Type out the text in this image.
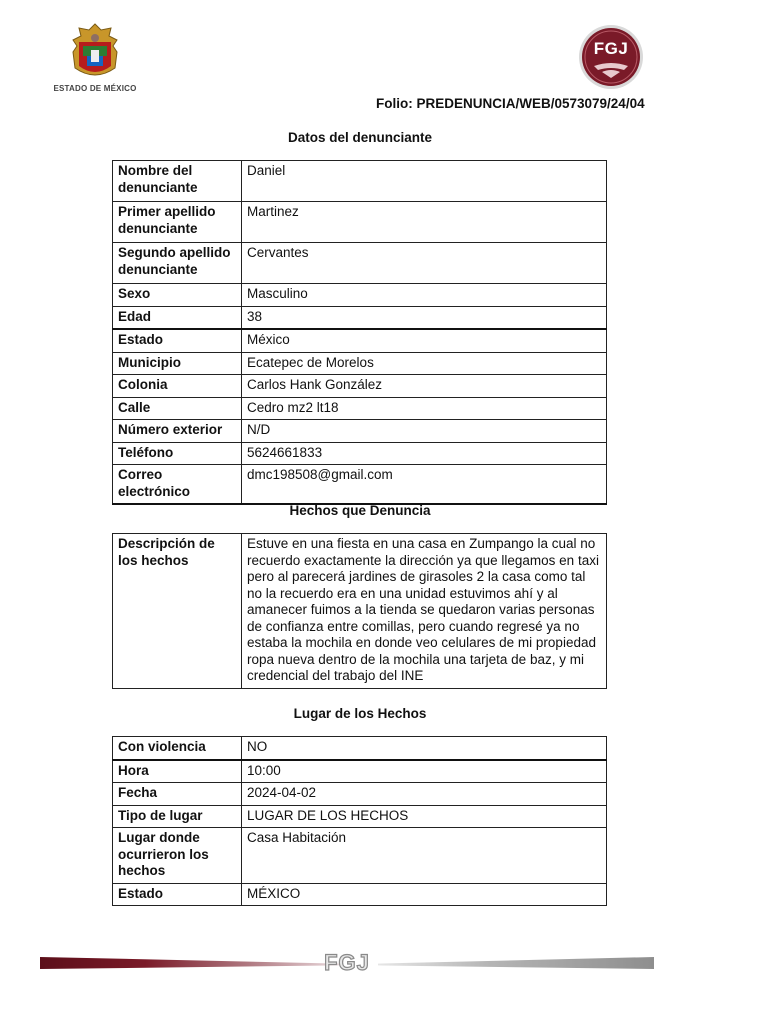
ESTADO DE MÉXICO
FGJ
Folio: PREDENUNCIA/WEB/0573079/24/04
Datos del denunciante
Nombre del denunciante	Daniel
Primer apellido denunciante	Martinez
Segundo apellido denunciante	Cervantes
Sexo	Masculino
Edad	38
Estado	México
Municipio	Ecatepec de Morelos
Colonia	Carlos Hank González
Calle	Cedro mz2 lt18
Número exterior	N/D
Teléfono	5624661833
Correo electrónico	dmc198508@gmail.com
Hechos que Denuncia
Descripción de los hechos	Estuve en una fiesta en una casa en Zumpango la cual no recuerdo exactamente la dirección ya que llegamos en taxi pero al parecerá jardines de girasoles 2 la casa como tal no la recuerdo era en una unidad estuvimos ahí y al amanecer fuimos a la tienda se quedaron varias personas de confianza entre comillas, pero cuando regresé ya no estaba la mochila en donde veo celulares de mi propiedad ropa nueva dentro de la mochila una tarjeta de baz, y mi credencial del trabajo del INE
Lugar de los Hechos
Con violencia	NO
Hora	10:00
Fecha	2024-04-02
Tipo de lugar	LUGAR DE LOS HECHOS
Lugar donde ocurrieron los hechos	Casa Habitación
Estado	MÉXICO
FGJ
